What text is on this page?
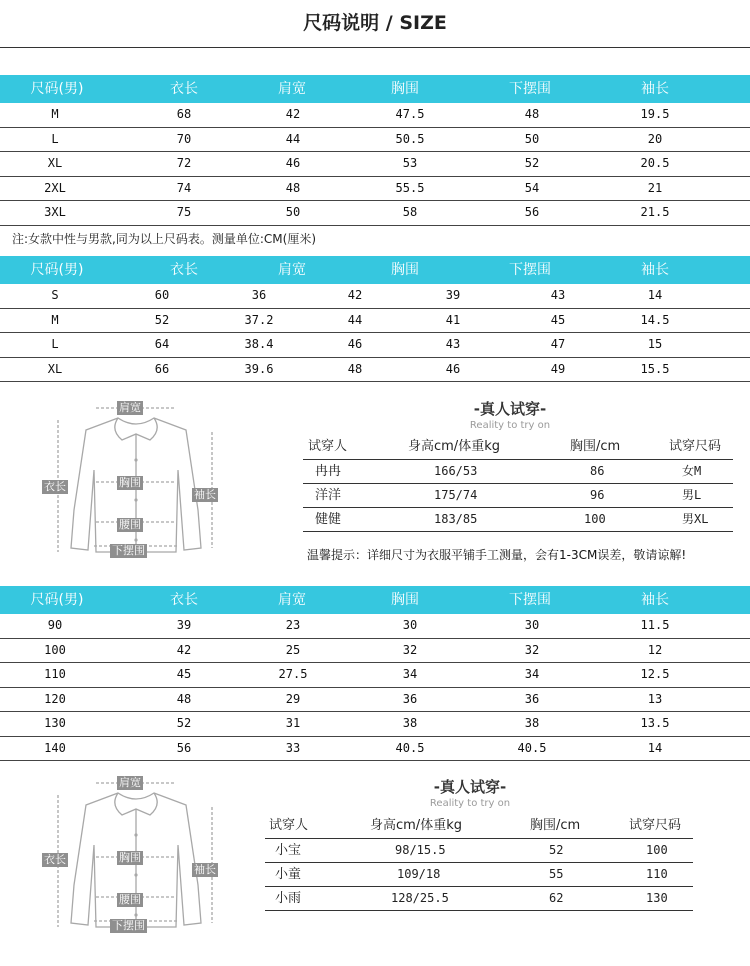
尺码说明 / SIZE
尺码(男)	衣长	肩宽	胸围	下摆围	袖长
M	68	42	47.5	48	19.5
L	70	44	50.5	50	20
XL	72	46	53	52	20.5
2XL	74	48	55.5	54	21
3XL	75	50	58	56	21.5
注:女款中性与男款,同为以上尺码表。测量单位:CM(厘米)
尺码(男)	衣长	肩宽	胸围	下摆围	袖长
S	60	36	42	39	43	14
M	52	37.2	44	41	45	14.5
L	64	38.4	46	43	47	15
XL	66	39.6	48	46	49	15.5
肩宽
衣长	胸围
袖长
腰围
下摆围
-真人试穿-
Reality to try on
试穿人	身高cm/体重kg	胸围/cm	试穿尺码
冉冉	166/53	86	女M
洋洋	175/74	96	男L
健健	183/85	100	男XL
温馨提示：详细尺寸为衣服平铺手工测量，会有1-3CM误差，敬请谅解!
尺码(男)	衣长	肩宽	胸围	下摆围	袖长
90	39	23	30	30	11.5
100	42	25	32	32	12
110	45	27.5	34	34	12.5
120	48	29	36	36	13
130	52	31	38	38	13.5
140	56	33	40.5	40.5	14
肩宽
衣长	胸围
袖长
腰围
下摆围
-真人试穿-
Reality to try on
试穿人	身高cm/体重kg	胸围/cm	试穿尺码
小宝	98/15.5	52	100
小童	109/18	55	110
小雨	128/25.5	62	130
